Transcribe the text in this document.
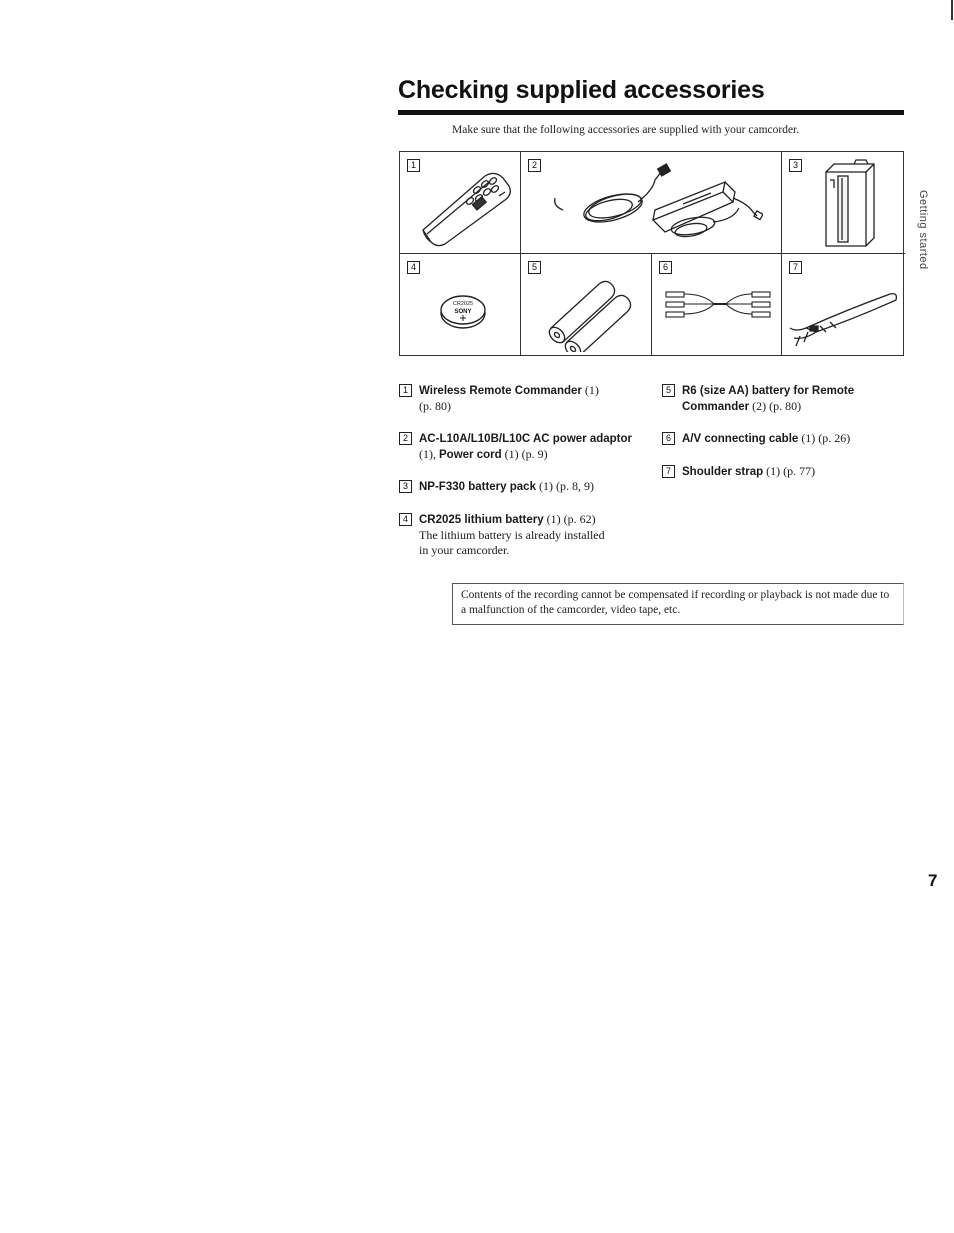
Checking supplied accessories
Make sure that the following accessories are supplied with your camcorder.
1	2	3
4
CR2025
SONY
5	6	7
1 Wireless Remote Commander (1)
(p. 80)
2 AC-L10A/L10B/L10C AC power adaptor
(1), Power cord (1) (p. 9)
3 NP-F330 battery pack (1) (p. 8, 9)
4 CR2025 lithium battery (1) (p. 62)
The lithium battery is already installed
in your camcorder.
5 R6 (size AA) battery for Remote
Commander (2) (p. 80)
6 A/V connecting cable (1) (p. 26)
7 Shoulder strap (1) (p. 77)
Contents of the recording cannot be compensated if recording or playback is not made due to a malfunction of the camcorder, video tape, etc.
Getting started
7
